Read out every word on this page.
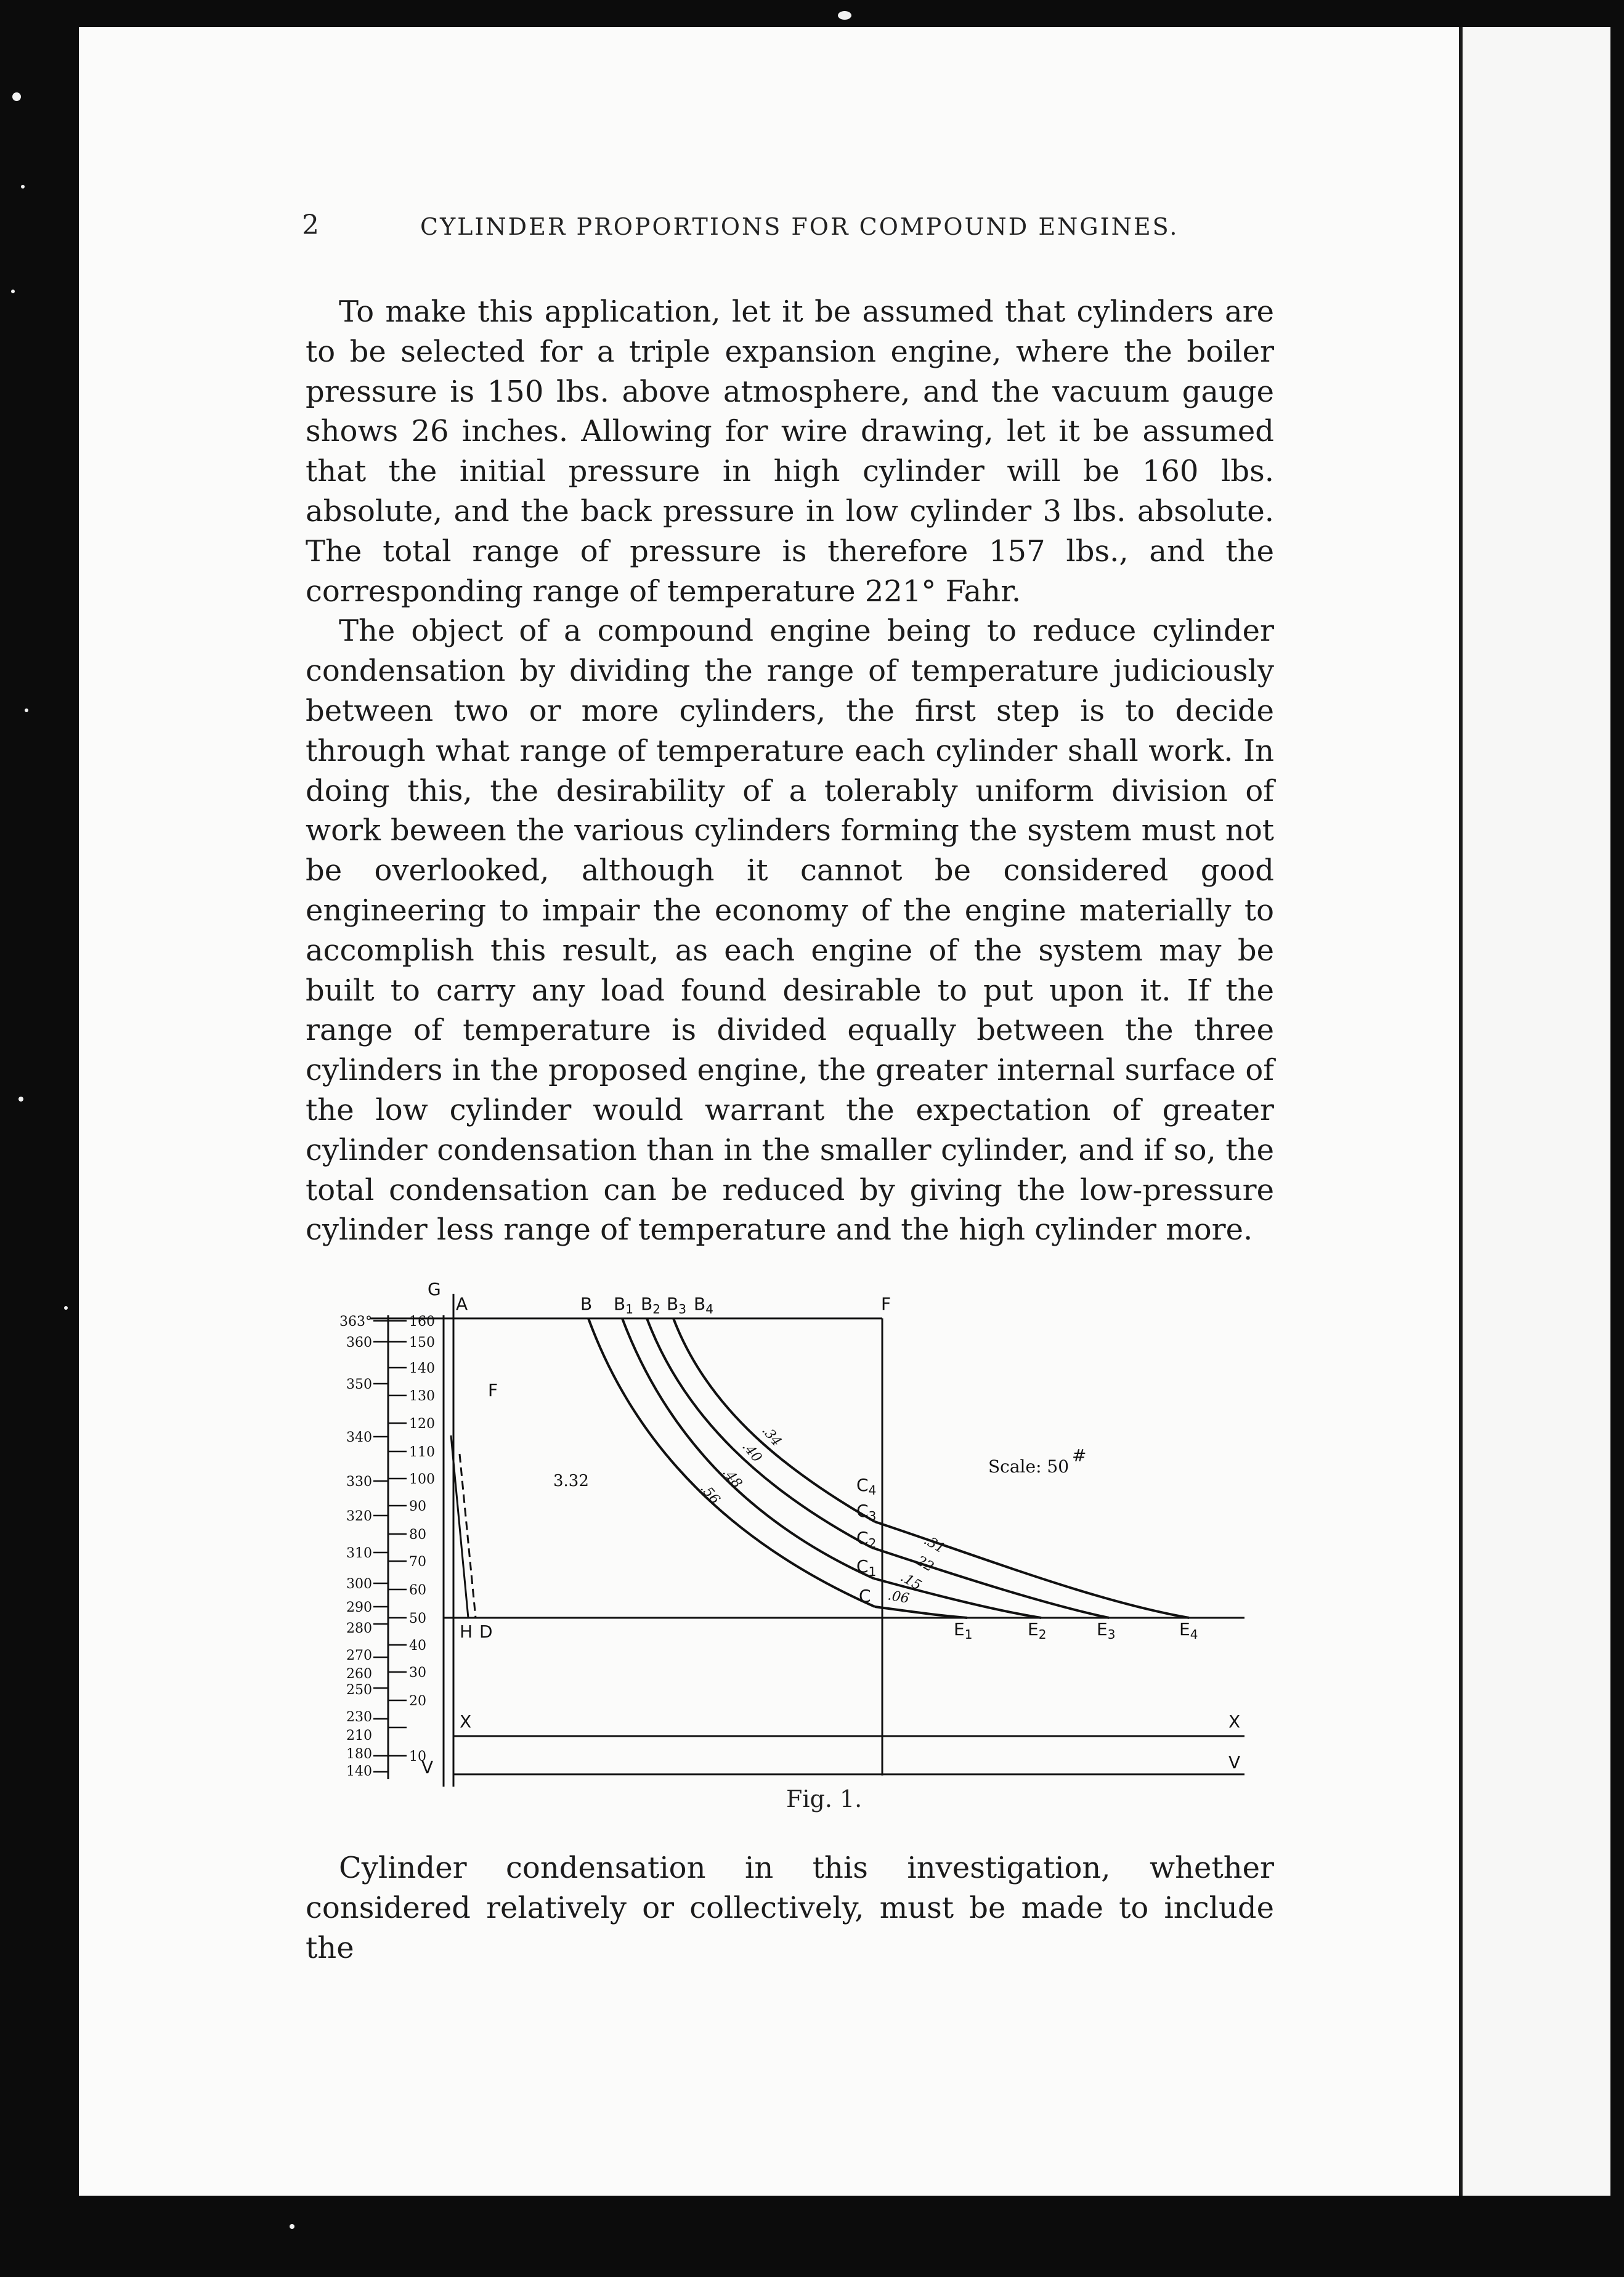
2	CYLINDER PROPORTIONS FOR COMPOUND ENGINES.

To make this application, let it be assumed that cylinders are to be selected for a triple expansion engine, where the boiler pressure is 150 lbs. above atmosphere, and the vacuum gauge shows 26 inches. Allowing for wire drawing, let it be assumed that the initial pressure in high cylinder will be 160 lbs. absolute, and the back pressure in low cylinder 3 lbs. absolute. The total range of pressure is therefore 157 lbs., and the corresponding range of temperature 221° Fahr.

The object of a compound engine being to reduce cylinder condensation by dividing the range of temperature judiciously between two or more cylinders, the first step is to decide through what range of temperature each cylinder shall work. In doing this, the desirability of a tolerably uniform division of work beween the various cylinders forming the system must not be overlooked, although it cannot be considered good engineering to impair the economy of the engine materially to accomplish this result, as each engine of the system may be built to carry any load found desirable to put upon it. If the range of temperature is divided equally between the three cylinders in the proposed engine, the greater internal surface of the low cylinder would warrant the expectation of greater cylinder condensation than in the smaller cylinder, and if so, the total condensation can be reduced by giving the low-pressure cylinder less range of temperature and the high cylinder more.

363°
360
350
340
330
320
310
300
290
280
270
260
250
230
210
180
140
160
150
140
130
120
110
100
90
80
70
60
50
40
30
20
10
G
A	B $B_1$ $B_2$ $B_3$ $B_4$	F
F
H D
X	X
V	V
C
$C_1$
$C_2$
$C_3$
$C_4$
$E_1$	$E_2$	$E_3$	$E_4$
.34
.40
.48
.56
.31
.22
.15
.06
3.32
Scale: 50
#
Fig. 1.

Cylinder condensation in this investigation, whether considered relatively or collectively, must be made to include the
